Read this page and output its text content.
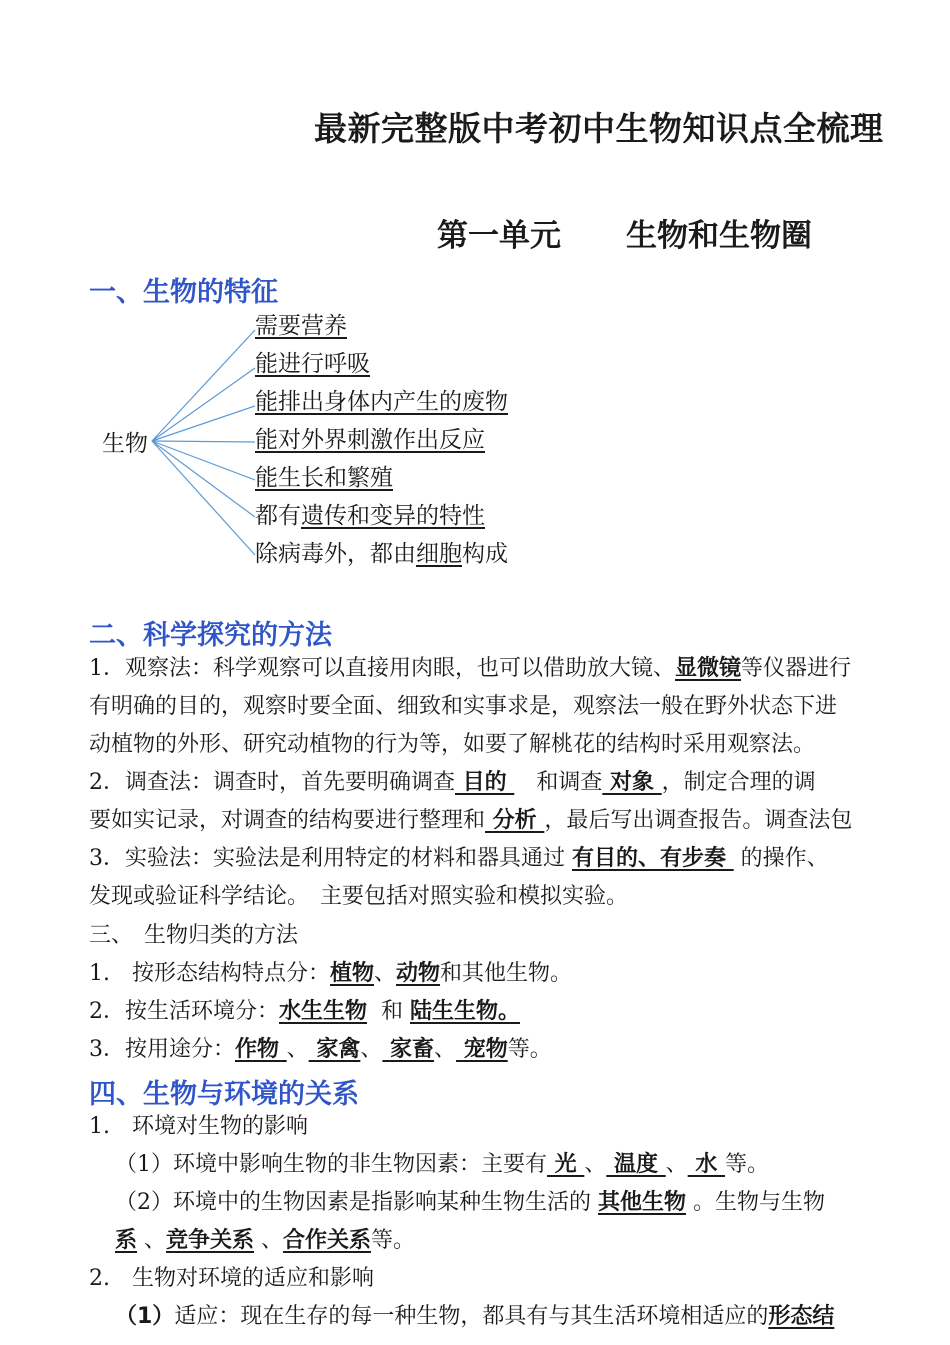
最新完整版中考初中生物知识点全梳理
第一单元 生物和生物圈
一、生物的特征
生物
需要营养
能进行呼吸
能排出身体内产生的废物
能对外界刺激作出反应
能生长和繁殖
都有遗传和变异的特性
除病毒外，都由细胞构成
二、科学探究的方法
1．观察法：科学观察可以直接用肉眼，也可以借助放大镜、显微镜等仪器进行
有明确的目的，观察时要全面、细致和实事求是，观察法一般在野外状态下进
动植物的外形、研究动植物的行为等，如要了解桃花的结构时采用观察法。
2．调查法：调查时，首先要明确调查 目的 　和调查 对象 ，制定合理的调
要如实记录，对调查的结构要进行整理和 分析 ，最后写出调查报告。调查法包
3．实验法：实验法是利用特定的材料和器具通过 有目的、有步奏  的操作、
发现或验证科学结论。　主要包括对照实验和模拟实验。
三、　生物归类的方法
1.　按形态结构特点分：植物、动物和其他生物。
2．按生活环境分：水生生物  和 陆生生物。
3．按用途分：作物 、 家禽、 家畜、 宠物等。
四、生物与环境的关系
1.　环境对生物的影响
（1）环境中影响生物的非生物因素：主要有 光 、 温度 、 水 等。
（2）环境中的生物因素是指影响某种生物生活的 其他生物 。生物与生物
系 、竞争关系 、合作关系等。
2.　生物对环境的适应和影响
（1）适应：现在生存的每一种生物，都具有与其生活环境相适应的形态结
